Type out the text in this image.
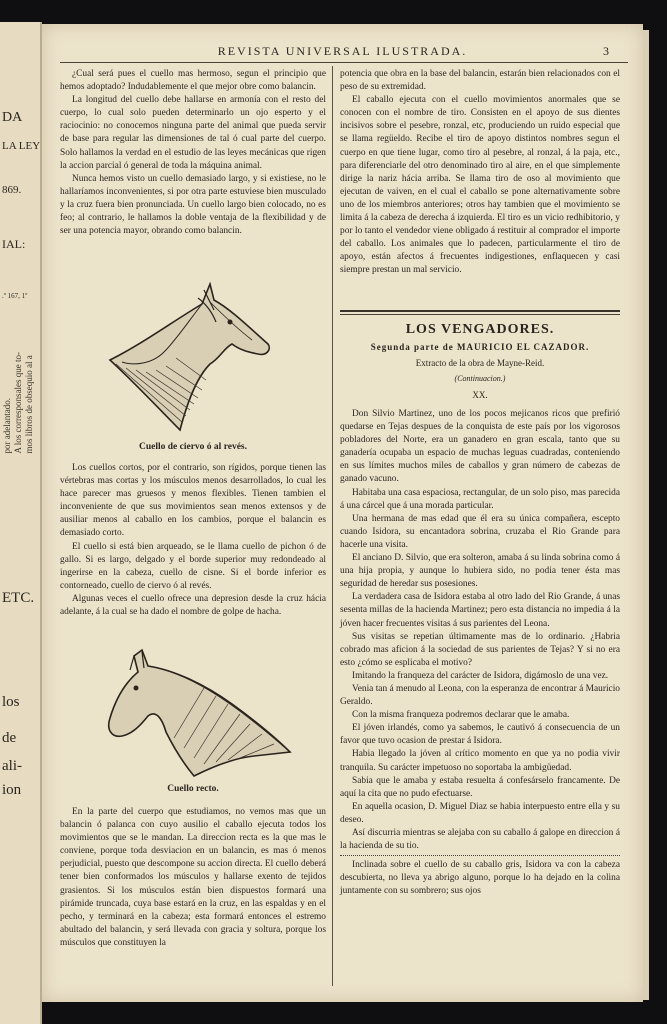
DA
LA LEY
869.
IAL:
.º 167, 1º
por adelantado. A los corresponsales que to- mos libros de obsequio al a
ETC.
los
de
ali-
ion
REVISTA UNIVERSAL ILUSTRADA.	3

¿Cual será pues el cuello mas hermoso, segun el principio que hemos adoptado? Indudablemente el que mejor obre como balancin.

La longitud del cuello debe hallarse en armonía con el resto del cuerpo, lo cual solo pueden determinarlo un ojo esperto y el raciocinio: no conocemos ninguna parte del animal que pueda servir de base para regular las dimensiones de tal ó cual parte del cuerpo. Solo hallamos la verdad en el estudio de las leyes mecánicas que rigen la accion parcial ó general de toda la máquina animal.

Nunca hemos visto un cuello demasiado largo, y si existiese, no le hallaríamos inconvenientes, si por otra parte estuviese bien musculado y la cruz fuera bien pronunciada. Un cuello largo bien colocado, no es feo; al contrario, le hallamos la doble ventaja de la flexibilidad y de ser una potencia mayor, obrando como balancin.

Cuello de ciervo ó al revés.

Los cuellos cortos, por el contrario, son rígidos, porque tienen las vértebras mas cortas y los músculos menos desarrollados, lo cual les hace parecer mas gruesos y menos flexibles. Tienen tambien el inconveniente de que sus movimientos sean menos extensos y de ausiliar menos al caballo en los cambios, porque el balancin es demasiado corto.

El cuello si está bien arqueado, se le llama cuello de pichon ó de gallo. Si es largo, delgado y el borde superior muy redondeado al ingerirse en la cabeza, cuello de cisne. Si el borde inferior es contorneado, cuello de ciervo ó al revés.

Algunas veces el cuello ofrece una depresion desde la cruz hácia adelante, á la cual se ha dado el nombre de golpe de hacha.

Cuello recto.

En la parte del cuerpo que estudiamos, no vemos mas que un balancin ó palanca con cuyo ausilio el caballo ejecuta todos los movimientos que se le mandan. La direccion recta es la que mas le conviene, porque toda desviacion en un balancin, es mas ó menos perjudicial, puesto que descompone su accion directa. El cuello deberá tener bien conformados los músculos y hallarse exento de tejidos grasientos. Si los músculos están bien dispuestos formará una pirámide truncada, cuya base estará en la cruz, en las espaldas y en el pecho, y terminará en la cabeza; esta formará entonces el estremo abultado del balancin, y será llevada con gracia y soltura, porque los músculos que constituyen la

potencia que obra en la base del balancin, estarán bien relacionados con el peso de su extremidad.

El caballo ejecuta con el cuello movimientos anormales que se conocen con el nombre de tiro. Consisten en el apoyo de sus dientes incisivos sobre el pesebre, ronzal, etc, produciendo un ruido especial que se llama regüeldo. Recibe el tiro de apoyo distintos nombres segun el cuerpo en que tiene lugar, como tiro al pesebre, al ronzal, á la paja, etc., para diferenciarle del otro denominado tiro al aire, en el que simplemente dirige la nariz hácia arriba. Se llama tiro de oso al movimiento que ejecutan de vaiven, en el cual el caballo se pone alternativamente sobre uno de los miembros anteriores; otros hay tambien que el movimiento se limita á la cabeza de derecha á izquierda. El tiro es un vicio redhibitorio, y por lo tanto el vendedor viene obligado á restituir al comprador el importe del caballo. Los animales que lo padecen, particularmente el tiro de apoyo, están afectos á frecuentes indigestiones, enflaquecen y casi siempre prestan un mal servicio.

LOS VENGADORES.
Segunda parte de MAURICIO EL CAZADOR.
Extracto de la obra de Mayne-Reid.
(Continuacion.)
XX.

Don Silvio Martinez, uno de los pocos mejicanos ricos que prefirió quedarse en Tejas despues de la conquista de este país por los vigorosos pobladores del Norte, era un ganadero en gran escala, tanto que su ganadería ocupaba un espacio de muchas leguas cuadradas, conteniendo en sus límites muchos miles de caballos y gran número de cabezas de ganado vacuno.

Habitaba una casa espaciosa, rectangular, de un solo piso, mas parecida á una cárcel que á una morada particular.

Una hermana de mas edad que él era su única compañera, escepto cuando Isidora, su encantadora sobrina, cruzaba el Rio Grande para hacerle una visita.

El anciano D. Silvio, que era solteron, amaba á su linda sobrina como á una hija propia, y aunque lo hubiera sido, no podia tener ésta mas seguridad de heredar sus posesiones.

La verdadera casa de Isidora estaba al otro lado del Rio Grande, á unas sesenta millas de la hacienda Martinez; pero esta distancia no impedia á la jóven hacer frecuentes visitas á sus parientes del Leona.

Sus visitas se repetian últimamente mas de lo ordinario. ¿Habria cobrado mas aficion á la sociedad de sus parientes de Tejas? Y si no era esto ¿cómo se esplicaba el motivo?

Imitando la franqueza del carácter de Isidora, digámoslo de una vez.

Venia tan á menudo al Leona, con la esperanza de encontrar á Mauricio Geraldo.

Con la misma franqueza podremos declarar que le amaba.

El jóven irlandés, como ya sabemos, le cautivó á consecuencia de un favor que tuvo ocasion de prestar á Isidora.

Habia llegado la jóven al crítico momento en que ya no podia vivir tranquila. Su carácter impetuoso no soportaba la ambigüedad.

Sabia que le amaba y estaba resuelta á confesárselo francamente. De aquí la cita que no pudo efectuarse.

En aquella ocasion, D. Miguel Diaz se habia interpuesto entre ella y su deseo.

Así discurria mientras se alejaba con su caballo á galope en direccion á la hacienda de su tio.

Inclinada sobre el cuello de su caballo gris, Isidora va con la cabeza descubierta, no lleva ya abrigo alguno, porque lo ha dejado en la colina juntamente con su sombrero; sus ojos
